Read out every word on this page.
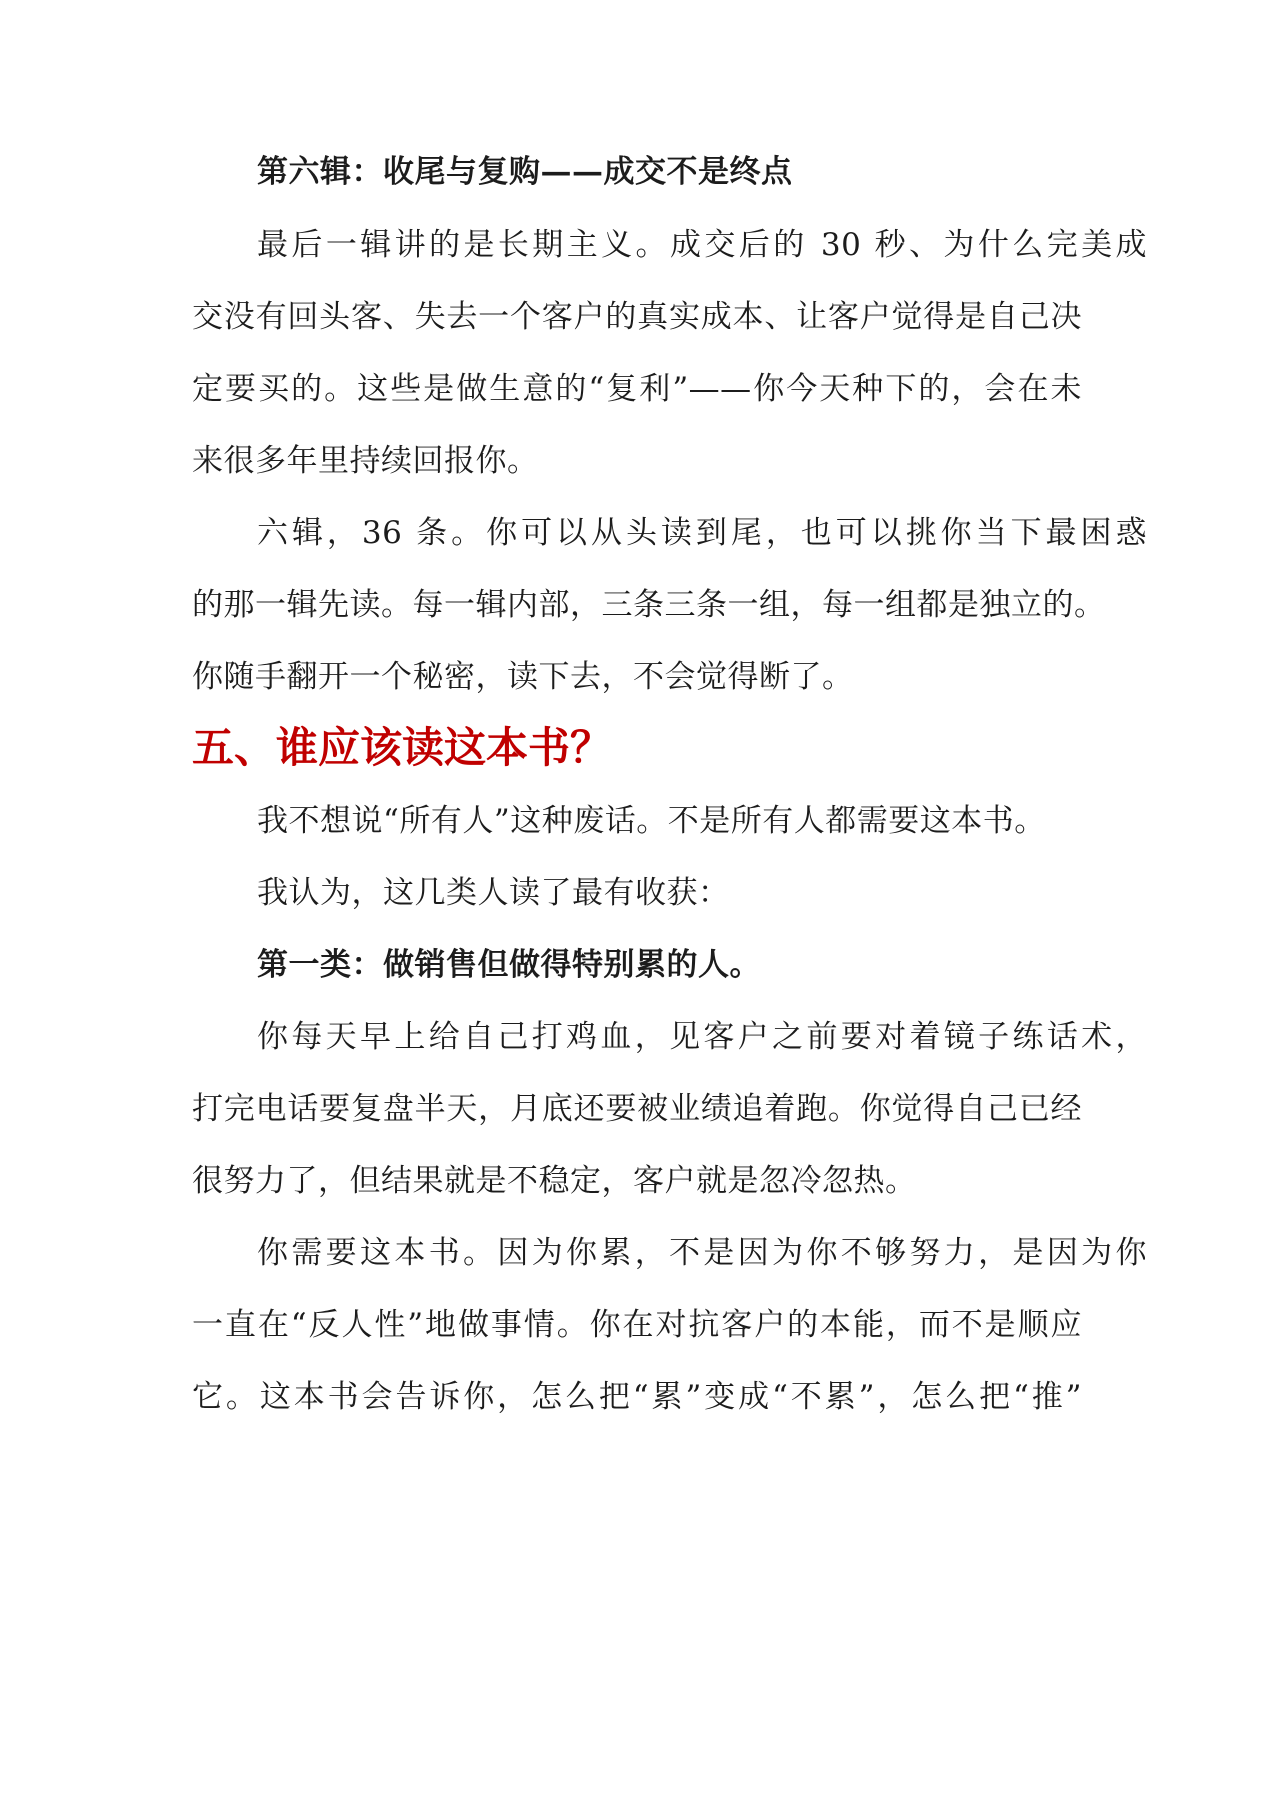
第六辑：收尾与复购——成交不是终点
最后一辑讲的是长期主义。成交后的 30 秒、为什么完美成
交没有回头客、失去一个客户的真实成本、让客户觉得是自己决
定要买的。这些是做生意的“复利”——你今天种下的，会在未
来很多年里持续回报你。
六辑，36 条。你可以从头读到尾，也可以挑你当下最困惑
的那一辑先读。每一辑内部，三条三条一组，每一组都是独立的。
你随手翻开一个秘密，读下去，不会觉得断了。
五、谁应该读这本书？
我不想说“所有人”这种废话。不是所有人都需要这本书。
我认为，这几类人读了最有收获：
第一类：做销售但做得特别累的人。
你每天早上给自己打鸡血，见客户之前要对着镜子练话术，
打完电话要复盘半天，月底还要被业绩追着跑。你觉得自己已经
很努力了，但结果就是不稳定，客户就是忽冷忽热。
你需要这本书。因为你累，不是因为你不够努力，是因为你
一直在“反人性”地做事情。你在对抗客户的本能，而不是顺应
它。这本书会告诉你，怎么把“累”变成“不累”，怎么把“推”
